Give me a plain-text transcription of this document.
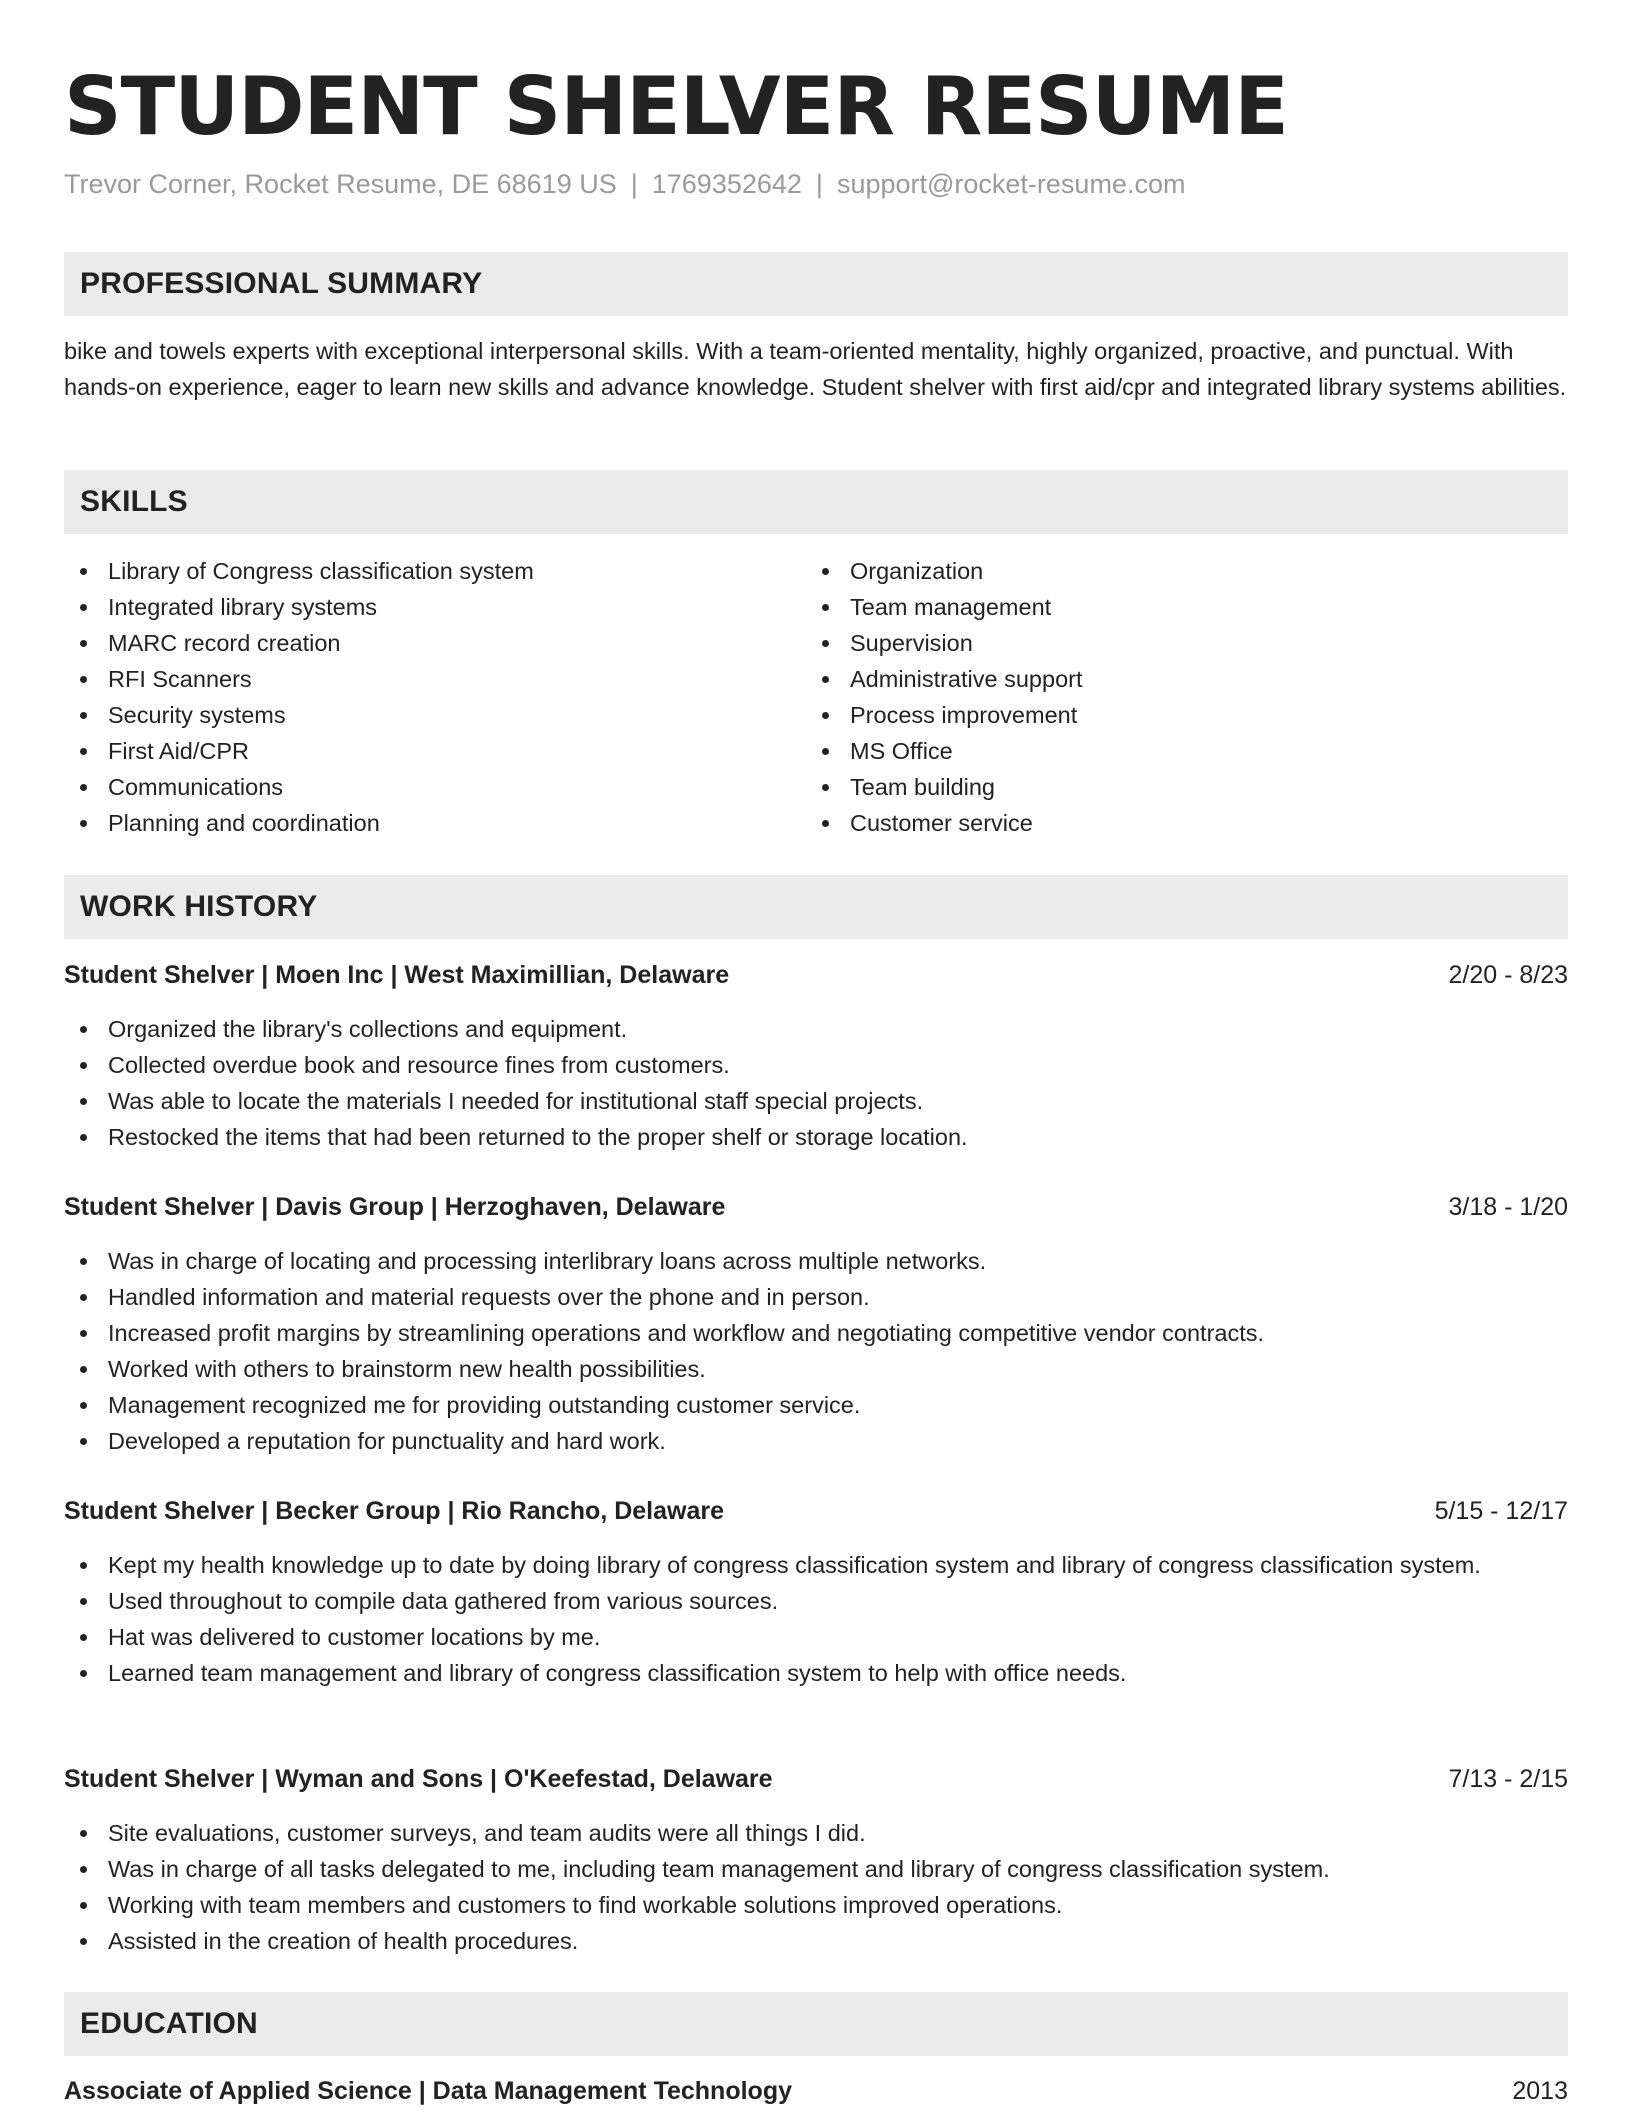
STUDENT SHELVER RESUME
Trevor Corner, Rocket Resume, DE 68619 US | 1769352642 | support@rocket-resume.com
PROFESSIONAL SUMMARY

bike and towels experts with exceptional interpersonal skills. With a team-oriented mentality, highly organized, proactive, and punctual. With hands-on experience, eager to learn new skills and advance knowledge. Student shelver with first aid/cpr and integrated library systems abilities.

SKILLS
Library of Congress classification system
Integrated library systems
MARC record creation
RFI Scanners
Security systems
First Aid/CPR
Communications
Planning and coordination
Organization
Team management
Supervision
Administrative support
Process improvement
MS Office
Team building
Customer service
WORK HISTORY
Student Shelver | Moen Inc | West Maximillian, Delaware	2/20 - 8/23
Organized the library's collections and equipment.
Collected overdue book and resource fines from customers.
Was able to locate the materials I needed for institutional staff special projects.
Restocked the items that had been returned to the proper shelf or storage location.
Student Shelver | Davis Group | Herzoghaven, Delaware	3/18 - 1/20
Was in charge of locating and processing interlibrary loans across multiple networks.
Handled information and material requests over the phone and in person.
Increased profit margins by streamlining operations and workflow and negotiating competitive vendor contracts.
Worked with others to brainstorm new health possibilities.
Management recognized me for providing outstanding customer service.
Developed a reputation for punctuality and hard work.
Student Shelver | Becker Group | Rio Rancho, Delaware	5/15 - 12/17
Kept my health knowledge up to date by doing library of congress classification system and library of congress classification system.
Used throughout to compile data gathered from various sources.
Hat was delivered to customer locations by me.
Learned team management and library of congress classification system to help with office needs.
Student Shelver | Wyman and Sons | O'Keefestad, Delaware	7/13 - 2/15
Site evaluations, customer surveys, and team audits were all things I did.
Was in charge of all tasks delegated to me, including team management and library of congress classification system.
Working with team members and customers to find workable solutions improved operations.
Assisted in the creation of health procedures.
EDUCATION
Associate of Applied Science | Data Management Technology	2013
